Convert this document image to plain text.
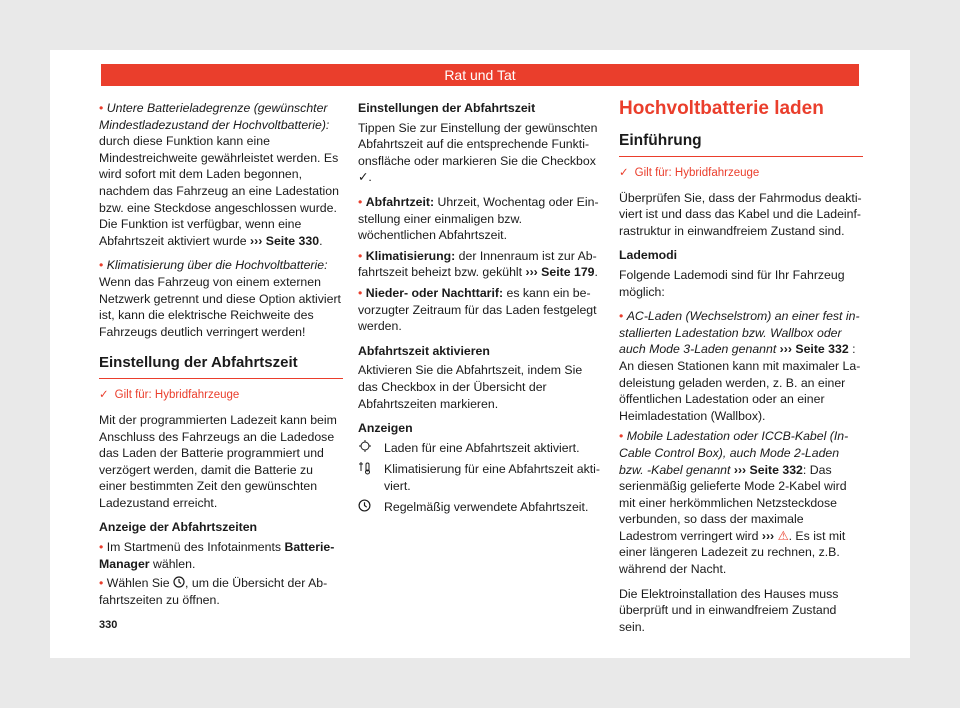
Rat und Tat

• Untere Batterieladegrenze (gewünschter Mindestladezustand der Hochvoltbatterie): durch diese Funktion kann eine Mindestreichweite gewährleistet werden. Es wird sofort mit dem Laden begonnen, nachdem das Fahrzeug an eine Ladestation bzw. eine Steckdose angeschlossen wurde. Die Funktion ist verfügbar, wenn eine Abfahrtszeit aktiviert wurde ››› Seite 330.

• Klimatisierung über die Hochvoltbatterie: Wenn das Fahrzeug von einem externen Netzwerk getrennt und diese Option aktiviert ist, kann die elektrische Reichweite des Fahrzeugs deutlich verringert werden!

Einstellung der Abfahrtszeit
✓ Gilt für: Hybridfahrzeuge

Mit der programmierten Ladezeit kann beim Anschluss des Fahrzeugs an die Ladedose das Laden der Batterie programmiert und verzögert werden, damit die Batterie zu einer bestimmten Zeit den gewünschten Ladezustand erreicht.

Anzeige der Abfahrtszeiten

• Im Startmenü des Infotainments Batterie-Manager wählen.

• Wählen Sie , um die Übersicht der Abfahrtszeiten zu öffnen.

Einstellungen der Abfahrtszeit

Tippen Sie zur Einstellung der gewünschten Abfahrtszeit auf die entsprechende Funktionsfläche oder markieren Sie die Checkbox ✓.

• Abfahrtzeit: Uhrzeit, Wochentag oder Einstellung einer einmaligen bzw. wöchentlichen Abfahrtszeit.

• Klimatisierung: der Innenraum ist zur Abfahrtszeit beheizt bzw. gekühlt ››› Seite 179.

• Nieder- oder Nachttarif: es kann ein bevorzugter Zeitraum für das Laden festgelegt werden.

Abfahrtszeit aktivieren

Aktivieren Sie die Abfahrtszeit, indem Sie das Checkbox in der Übersicht der Abfahrtszeiten markieren.

Anzeigen
Laden für eine Abfahrtszeit aktiviert.
Klimatisierung für eine Abfahrtszeit aktiviert.
Regelmäßig verwendete Abfahrtszeit.
Hochvoltbatterie laden
Einführung
✓ Gilt für: Hybridfahrzeuge

Überprüfen Sie, dass der Fahrmodus deaktiviert ist und dass das Kabel und die Ladeinfrastruktur in einwandfreiem Zustand sind.

Lademodi

Folgende Lademodi sind für Ihr Fahrzeug möglich:

• AC-Laden (Wechselstrom) an einer fest installierten Ladestation bzw. Wallbox oder auch Mode 3-Laden genannt ››› Seite 332 : An diesen Stationen kann mit maximaler Ladeleistung geladen werden, z. B. an einer öffentlichen Ladestation oder an einer Heimladestation (Wallbox).

• Mobile Ladestation oder ICCB-Kabel (In-Cable Control Box), auch Mode 2-Laden bzw. -Kabel genannt ››› Seite 332: Das serienmäßig gelieferte Mode 2-Kabel wird mit einer herkömmlichen Netzsteckdose verbunden, so dass der maximale Ladestrom verringert wird ››› ⚠. Es ist mit einer längeren Ladezeit zu rechnen, z.B. während der Nacht.

Die Elektroinstallation des Hauses muss überprüft und in einwandfreiem Zustand sein.

330
